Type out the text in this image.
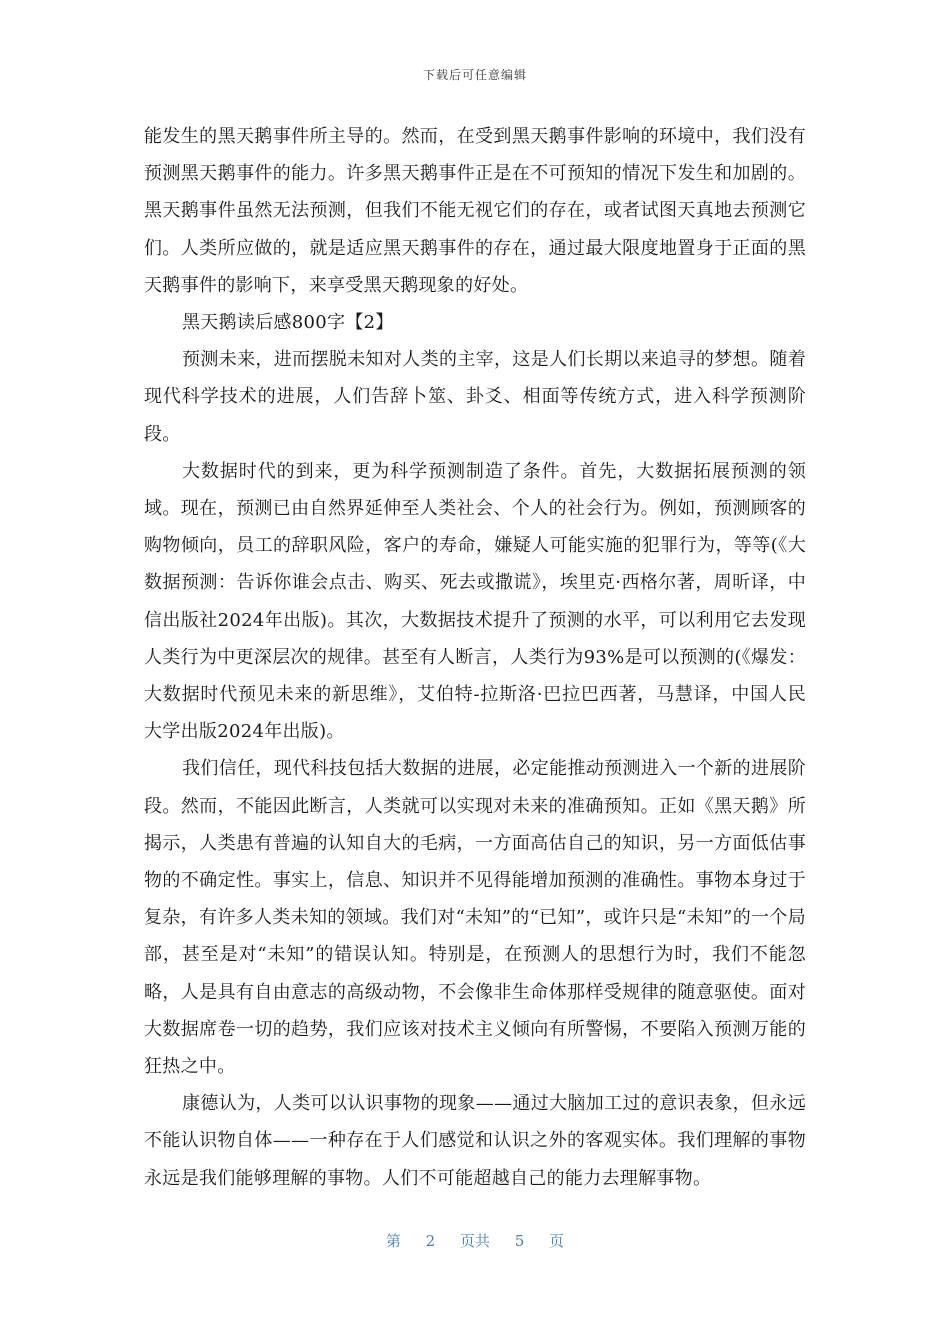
下载后可任意编辑

能发生的黑天鹅事件所主导的。然而，在受到黑天鹅事件影响的环境中，我们没有预测黑天鹅事件的能力。许多黑天鹅事件正是在不可预知的情况下发生和加剧的。黑天鹅事件虽然无法预测，但我们不能无视它们的存在，或者试图天真地去预测它们。人类所应做的，就是适应黑天鹅事件的存在，通过最大限度地置身于正面的黑天鹅事件的影响下，来享受黑天鹅现象的好处。

黑天鹅读后感800字【2】

预测未来，进而摆脱未知对人类的主宰，这是人们长期以来追寻的梦想。随着现代科学技术的进展，人们告辞卜筮、卦爻、相面等传统方式，进入科学预测阶段。

大数据时代的到来，更为科学预测制造了条件。首先，大数据拓展预测的领域。现在，预测已由自然界延伸至人类社会、个人的社会行为。例如，预测顾客的购物倾向，员工的辞职风险，客户的寿命，嫌疑人可能实施的犯罪行为，等等(《大数据预测：告诉你谁会点击、购买、死去或撒谎》，埃里克·西格尔著，周昕译，中信出版社2024年出版)。其次，大数据技术提升了预测的水平，可以利用它去发现人类行为中更深层次的规律。甚至有人断言，人类行为93%是可以预测的(《爆发：大数据时代预见未来的新思维》，艾伯特-拉斯洛·巴拉巴西著，马慧译，中国人民大学出版2024年出版)。

我们信任，现代科技包括大数据的进展，必定能推动预测进入一个新的进展阶段。然而，不能因此断言，人类就可以实现对未来的准确预知。正如《黑天鹅》所揭示，人类患有普遍的认知自大的毛病，一方面高估自己的知识，另一方面低估事物的不确定性。事实上，信息、知识并不见得能增加预测的准确性。事物本身过于复杂，有许多人类未知的领域。我们对“未知”的“已知”，或许只是“未知”的一个局部，甚至是对“未知”的错误认知。特别是，在预测人的思想行为时，我们不能忽略，人是具有自由意志的高级动物，不会像非生命体那样受规律的随意驱使。面对大数据席卷一切的趋势，我们应该对技术主义倾向有所警惕，不要陷入预测万能的狂热之中。

康德认为，人类可以认识事物的现象——通过大脑加工过的意识表象，但永远不能认识物自体——一种存在于人们感觉和认识之外的客观实体。我们理解的事物永远是我们能够理解的事物。人们不可能超越自己的能力去理解事物。

第 2 页共 5 页
